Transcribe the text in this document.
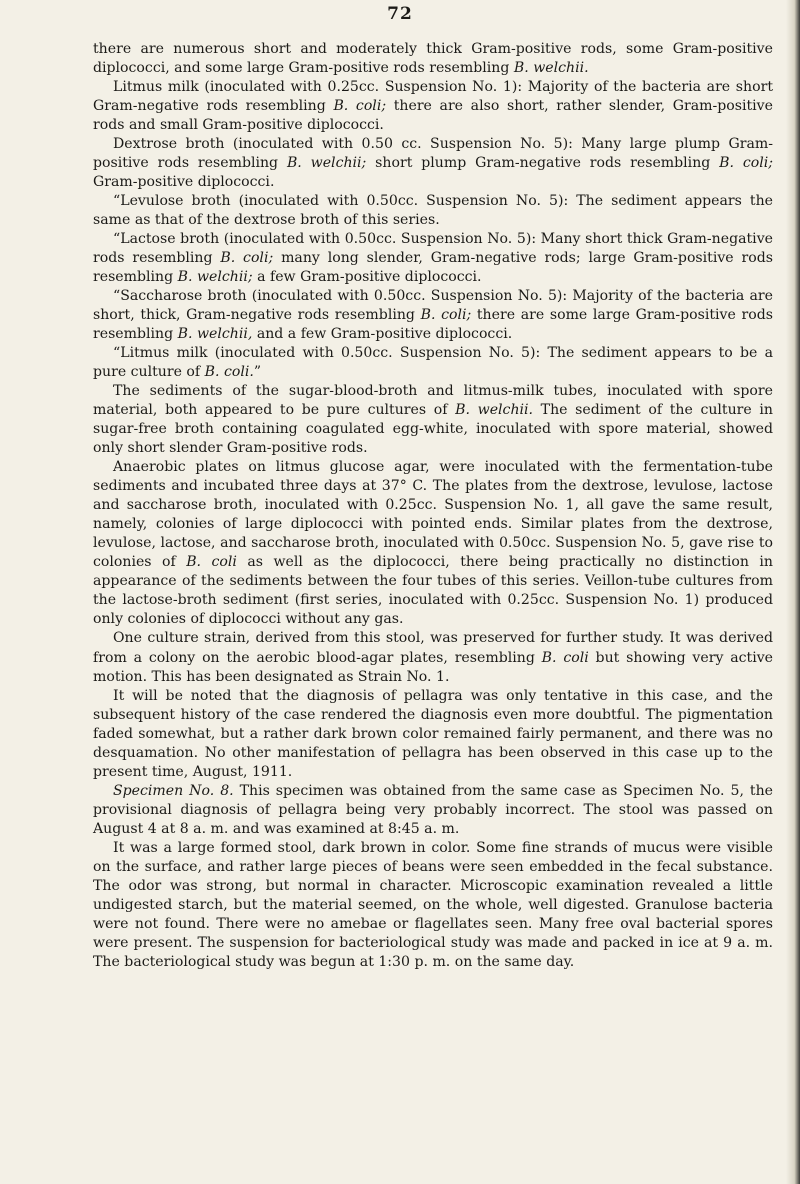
72

there are numerous short and moderately thick Gram-positive rods, some Gram-positive diplococci, and some large Gram-positive rods resembling B. welchii.

Litmus milk (inoculated with 0.25cc. Suspension No. 1): Majority of the bacteria are short Gram-negative rods resembling B. coli; there are also short, rather slender, Gram-positive rods and small Gram-positive diplococci.

Dextrose broth (inoculated with 0.50 cc. Suspension No. 5): Many large plump Gram-positive rods resembling B. welchii; short plump Gram-negative rods resembling B. coli; Gram-positive diplococci.

“Levulose broth (inoculated with 0.50cc. Suspension No. 5): The sediment appears the same as that of the dextrose broth of this series.

“Lactose broth (inoculated with 0.50cc. Suspension No. 5): Many short thick Gram-negative rods resembling B. coli; many long slender, Gram-negative rods; large Gram-positive rods resembling B. welchii; a few Gram-positive diplococci.

“Saccharose broth (inoculated with 0.50cc. Suspension No. 5): Majority of the bacteria are short, thick, Gram-negative rods resembling B. coli; there are some large Gram-positive rods resembling B. welchii, and a few Gram-positive diplococci.

“Litmus milk (inoculated with 0.50cc. Suspension No. 5): The sediment appears to be a pure culture of B. coli.”

The sediments of the sugar-blood-broth and litmus-milk tubes, inoculated with spore material, both appeared to be pure cultures of B. welchii. The sediment of the culture in sugar-free broth containing coagulated egg-white, inoculated with spore material, showed only short slender Gram-positive rods.

Anaerobic plates on litmus glucose agar, were inoculated with the fermentation-tube sediments and incubated three days at 37° C. The plates from the dextrose, levulose, lactose and saccharose broth, inoculated with 0.25cc. Suspension No. 1, all gave the same result, namely, colonies of large diplococci with pointed ends. Similar plates from the dextrose, levulose, lactose, and saccharose broth, inoculated with 0.50cc. Suspension No. 5, gave rise to colonies of B. coli as well as the diplococci, there being practically no distinction in appearance of the sediments between the four tubes of this series. Veillon-tube cultures from the lactose-broth sediment (first series, inoculated with 0.25cc. Suspension No. 1) produced only colonies of diplococci without any gas.

One culture strain, derived from this stool, was preserved for further study. It was derived from a colony on the aerobic blood-agar plates, resembling B. coli but showing very active motion. This has been designated as Strain No. 1.

It will be noted that the diagnosis of pellagra was only tentative in this case, and the subsequent history of the case rendered the diagnosis even more doubtful. The pigmentation faded somewhat, but a rather dark brown color remained fairly permanent, and there was no desquamation. No other manifestation of pellagra has been observed in this case up to the present time, August, 1911.

Specimen No. 8. This specimen was obtained from the same case as Specimen No. 5, the provisional diagnosis of pellagra being very probably incorrect. The stool was passed on August 4 at 8 a. m. and was examined at 8:45 a. m.

It was a large formed stool, dark brown in color. Some fine strands of mucus were visible on the surface, and rather large pieces of beans were seen embedded in the fecal substance. The odor was strong, but normal in character. Microscopic examination revealed a little undigested starch, but the material seemed, on the whole, well digested. Granulose bacteria were not found. There were no amebae or flagellates seen. Many free oval bacterial spores were present. The suspension for bacteriological study was made and packed in ice at 9 a. m. The bacteriological study was begun at 1:30 p. m. on the same day.
